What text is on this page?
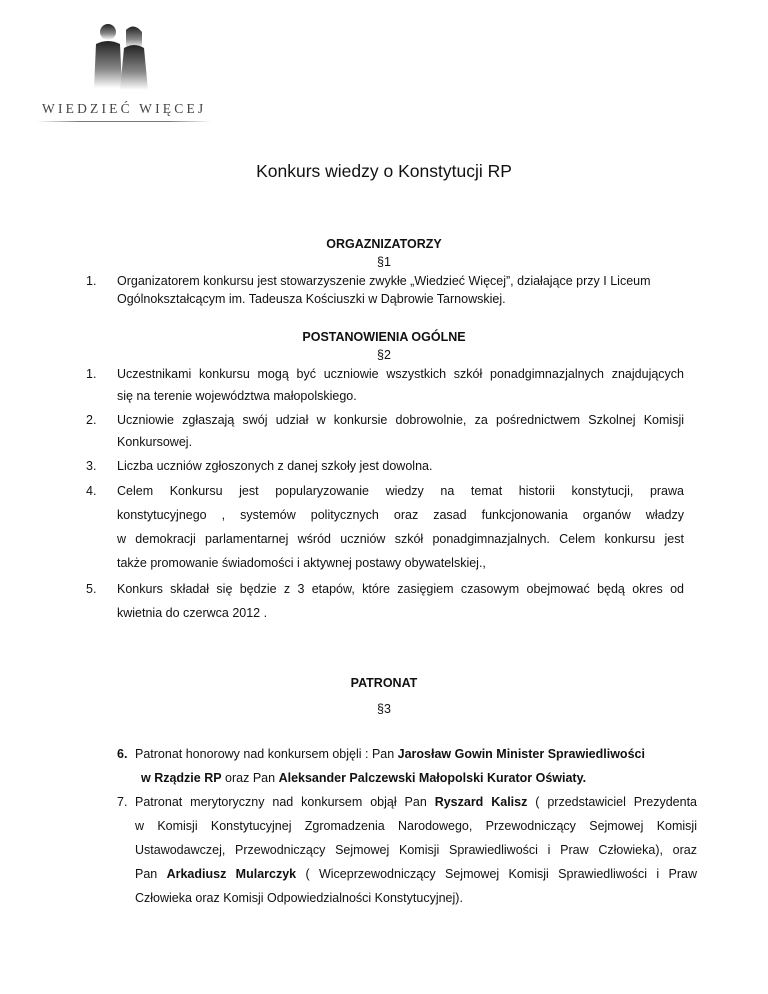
WIEDZIEĆ WIĘCEJ
Konkurs wiedzy o Konstytucji RP
ORGAZNIZATORZY
§1
1. Organizatorem konkursu jest stowarzyszenie zwykłe „Wiedzieć Więcej”, działające przy I Liceum
Ogólnokształcącym im. Tadeusza Kościuszki w Dąbrowie Tarnowskiej.
POSTANOWIENIA OGÓLNE
§2
1. Uczestnikami konkursu mogą być uczniowie wszystkich szkół ponadgimnazjalnych znajdujących
się na terenie województwa małopolskiego.
2. Uczniowie zgłaszają swój udział w konkursie dobrowolnie, za pośrednictwem Szkolnej Komisji
Konkursowej.
3. Liczba uczniów zgłoszonych z danej szkoły jest dowolna.
4. Celem Konkursu jest popularyzowanie wiedzy na temat historii konstytucji, prawa
konstytucyjnego , systemów politycznych oraz zasad funkcjonowania organów władzy
w demokracji parlamentarnej wśród uczniów szkół ponadgimnazjalnych. Celem konkursu jest
także promowanie świadomości i aktywnej postawy obywatelskiej.,
5. Konkurs składał się będzie z 3 etapów, które zasięgiem czasowym obejmować będą okres od
kwietnia do czerwca 2012 .
PATRONAT
§3
6. Patronat honorowy nad konkursem objęli : Pan Jarosław Gowin Minister Sprawiedliwości
w Rządzie RP oraz Pan Aleksander Palczewski Małopolski Kurator Oświaty.
7. Patronat merytoryczny nad konkursem objął Pan Ryszard Kalisz ( przedstawiciel Prezydenta
w Komisji Konstytucyjnej Zgromadzenia Narodowego, Przewodniczący Sejmowej Komisji
Ustawodawczej, Przewodniczący Sejmowej Komisji Sprawiedliwości i Praw Człowieka), oraz
Pan Arkadiusz Mularczyk ( Wiceprzewodniczący Sejmowej Komisji Sprawiedliwości i Praw
Człowieka oraz Komisji Odpowiedzialności Konstytucyjnej).
